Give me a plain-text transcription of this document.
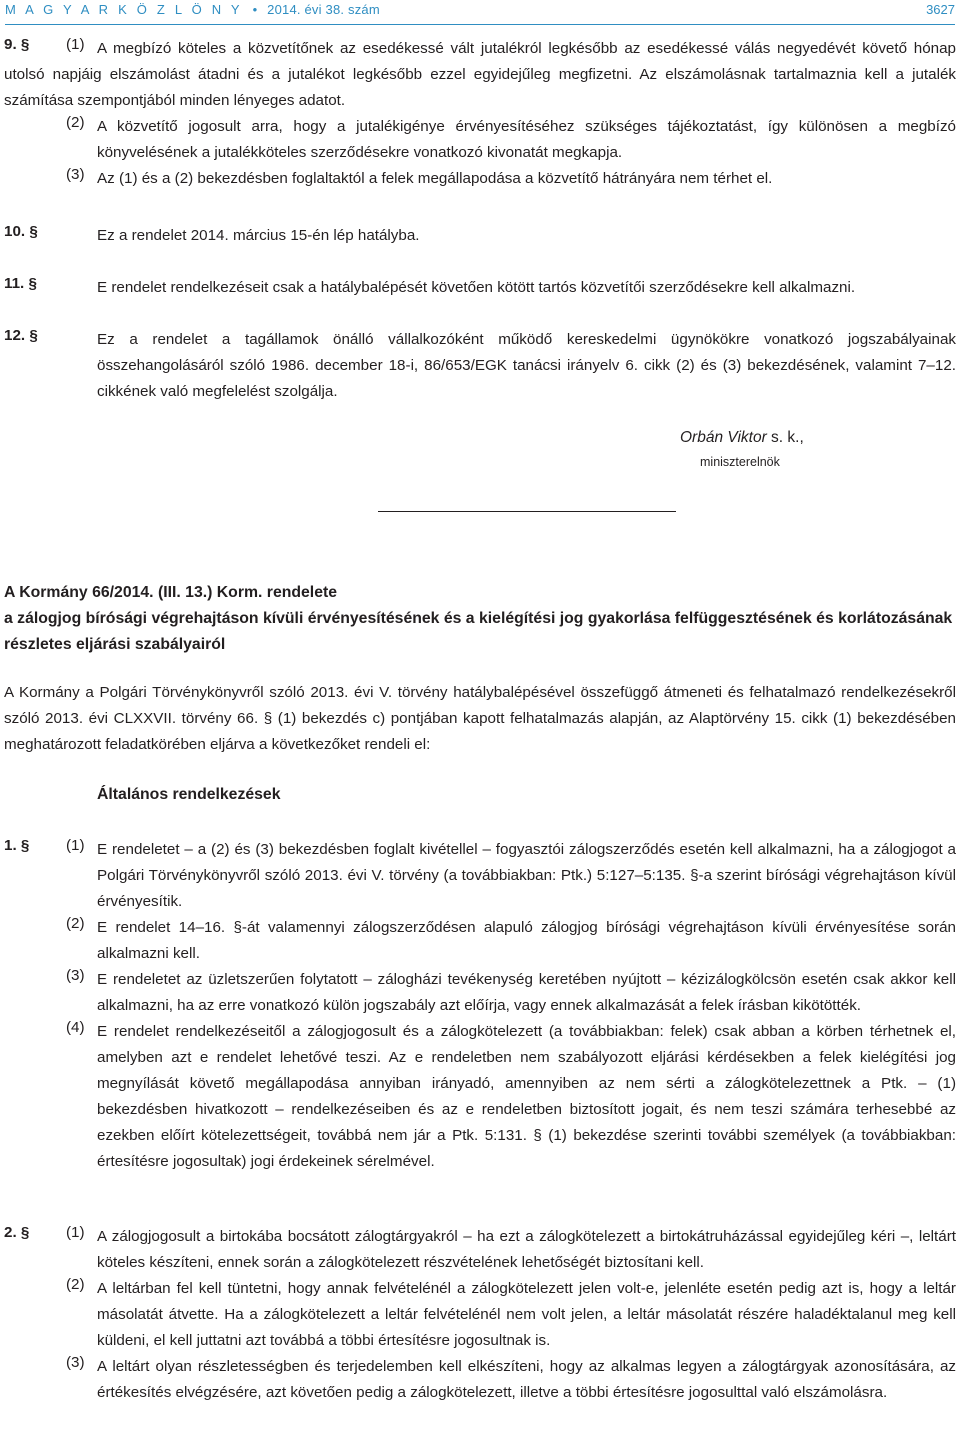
M A G Y A R K Ö Z L Ö N Y • 2014. évi 38. szám	3627
9. § (1) A megbízó köteles a közvetítőnek az esedékessé vált jutalékról legkésőbb az esedékessé válás negyedévét követő hónap utolsó napjáig elszámolást átadni és a jutalékot legkésőbb ezzel egyidejűleg megfizetni. Az elszámolásnak tartalmaznia kell a jutalék számítása szempontjából minden lényeges adatot.
(2) A közvetítő jogosult arra, hogy a jutalékigénye érvényesítéséhez szükséges tájékoztatást, így különösen a megbízó könyvelésének a jutalékköteles szerződésekre vonatkozó kivonatát megkapja.
(3) Az (1) és a (2) bekezdésben foglaltaktól a felek megállapodása a közvetítő hátrányára nem térhet el.
10. §	Ez a rendelet 2014. március 15-én lép hatályba.
11. §	E rendelet rendelkezéseit csak a hatálybalépését követően kötött tartós közvetítői szerződésekre kell alkalmazni.
12. §	Ez a rendelet a tagállamok önálló vállalkozóként működő kereskedelmi ügynökökre vonatkozó jogszabályainak összehangolásáról szóló 1986. december 18-i, 86/653/EGK tanácsi irányelv 6. cikk (2) és (3) bekezdésének, valamint 7–12. cikkének való megfelelést szolgálja.
Orbán Viktor s. k.,
miniszterelnök
A Kormány 66/2014. (III. 13.) Korm. rendelete
a zálogjog bírósági végrehajtáson kívüli érvényesítésének és a kielégítési jog gyakorlása felfüggesztésének és korlátozásának részletes eljárási szabályairól
A Kormány a Polgári Törvénykönyvről szóló 2013. évi V. törvény hatálybalépésével összefüggő átmeneti és felhatalmazó rendelkezésekről szóló 2013. évi CLXXVII. törvény 66. § (1) bekezdés c) pontjában kapott felhatalmazás alapján, az Alaptörvény 15. cikk (1) bekezdésében meghatározott feladatkörében eljárva a következőket rendeli el:
Általános rendelkezések
1. § (1) E rendeletet – a (2) és (3) bekezdésben foglalt kivétellel – fogyasztói zálogszerződés esetén kell alkalmazni, ha a zálogjogot a Polgári Törvénykönyvről szóló 2013. évi V. törvény (a továbbiakban: Ptk.) 5:127–5:135. §-a szerint bírósági végrehajtáson kívül érvényesítik.
(2) E rendelet 14–16. §-át valamennyi zálogszerződésen alapuló zálogjog bírósági végrehajtáson kívüli érvényesítése során alkalmazni kell.
(3) E rendeletet az üzletszerűen folytatott – zálogházi tevékenység keretében nyújtott – kézizálogkölcsön esetén csak akkor kell alkalmazni, ha az erre vonatkozó külön jogszabály azt előírja, vagy ennek alkalmazását a felek írásban kikötötték.
(4) E rendelet rendelkezéseitől a zálogjogosult és a zálogkötelezett (a továbbiakban: felek) csak abban a körben térhetnek el, amelyben azt e rendelet lehetővé teszi. Az e rendeletben nem szabályozott eljárási kérdésekben a felek kielégítési jog megnyílását követő megállapodása annyiban irányadó, amennyiben az nem sérti a zálogkötelezettnek a Ptk. – (1) bekezdésben hivatkozott – rendelkezéseiben és az e rendeletben biztosított jogait, és nem teszi számára terhesebbé az ezekben előírt kötelezettségeit, továbbá nem jár a Ptk. 5:131. § (1) bekezdése szerinti további személyek (a továbbiakban: értesítésre jogosultak) jogi érdekeinek sérelmével.
2. § (1) A zálogjogosult a birtokába bocsátott zálogtárgyakról – ha ezt a zálogkötelezett a birtokátruházással egyidejűleg kéri –, leltárt köteles készíteni, ennek során a zálogkötelezett részvételének lehetőségét biztosítani kell.
(2) A leltárban fel kell tüntetni, hogy annak felvételénél a zálogkötelezett jelen volt-e, jelenléte esetén pedig azt is, hogy a leltár másolatát átvette. Ha a zálogkötelezett a leltár felvételénél nem volt jelen, a leltár másolatát részére haladéktalanul meg kell küldeni, el kell juttatni azt továbbá a többi értesítésre jogosultnak is.
(3) A leltárt olyan részletességben és terjedelemben kell elkészíteni, hogy az alkalmas legyen a zálogtárgyak azonosítására, az értékesítés elvégzésére, azt követően pedig a zálogkötelezett, illetve a többi értesítésre jogosulttal való elszámolásra.
